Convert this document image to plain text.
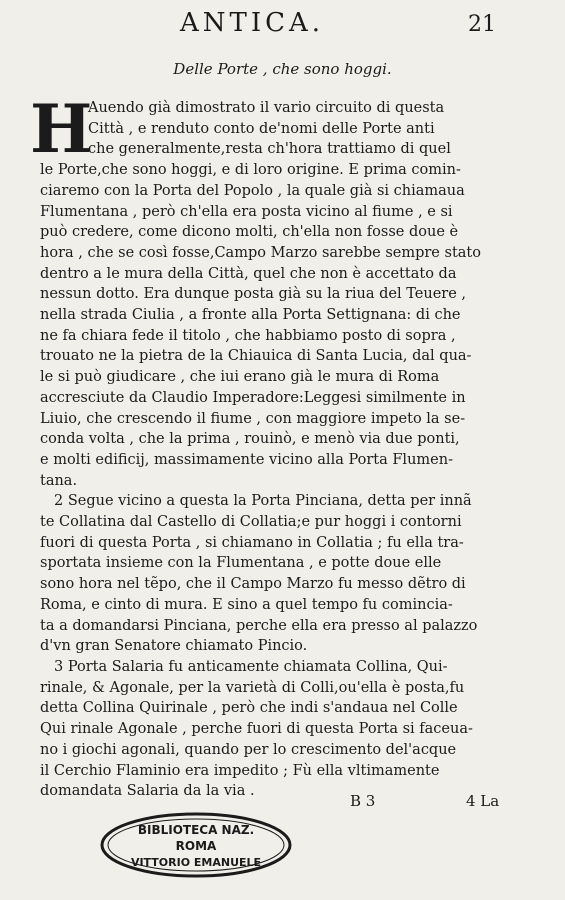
ANTICA.	21
Delle Porte , che sono hoggi.
H
Auendo già dimostrato il vario circuito di questa
Città , e renduto conto de'nomi delle Porte anti
che generalmente,resta ch'hora trattiamo di quel
le Porte,che sono hoggi, e di loro origine. E prima comin-
ciaremo con la Porta del Popolo , la quale già si chiamaua
Flumentana , però ch'ella era posta vicino al fiume , e si
può credere, come dicono molti, ch'ella non fosse doue è
hora , che se così fosse,Campo Marzo sarebbe sempre stato
dentro a le mura della Città, quel che non è accettato da
nessun dotto. Era dunque posta già su la riua del Teuere ,
nella strada Ciulia , a fronte alla Porta Settignana: di che
ne fa chiara fede il titolo , che habbiamo posto di sopra ,
trouato ne la pietra de la Chiauica di Santa Lucia, dal qua-
le si può giudicare , che iui erano già le mura di Roma
accresciute da Claudio Imperadore:Leggesi similmente in
Liuio, che crescendo il fiume , con maggiore impeto la se-
conda volta , che la prima , rouinò, e menò via due ponti,
e molti edificij, massimamente vicino alla Porta Flumen-
tana.
2 Segue vicino a questa la Porta Pinciana, detta per innã
te Collatina dal Castello di Collatia;e pur hoggi i contorni
fuori di questa Porta , si chiamano in Collatia ; fu ella tra-
sportata insieme con la Flumentana , e potte doue elle
sono hora nel tẽpo, che il Campo Marzo fu messo dẽtro di
Roma, e cinto di mura. E sino a quel tempo fu comincia-
ta a domandarsi Pinciana, perche ella era presso al palazzo
d'vn gran Senatore chiamato Pincio.
3 Porta Salaria fu anticamente chiamata Collina, Qui-
rinale, & Agonale, per la varietà di Colli,ou'ella è posta,fu
detta Collina Quirinale , però che indi s'andaua nel Colle
Qui rinale Agonale , perche fuori di questa Porta si faceua-
no i giochi agonali, quando per lo crescimento del'acque
il Cerchio Flaminio era impedito ; Fù ella vltimamente
domandata Salaria da la via .
B 3	4 La
BIBLIOTECA NAZ.
ROMA
VITTORIO EMANUELE
